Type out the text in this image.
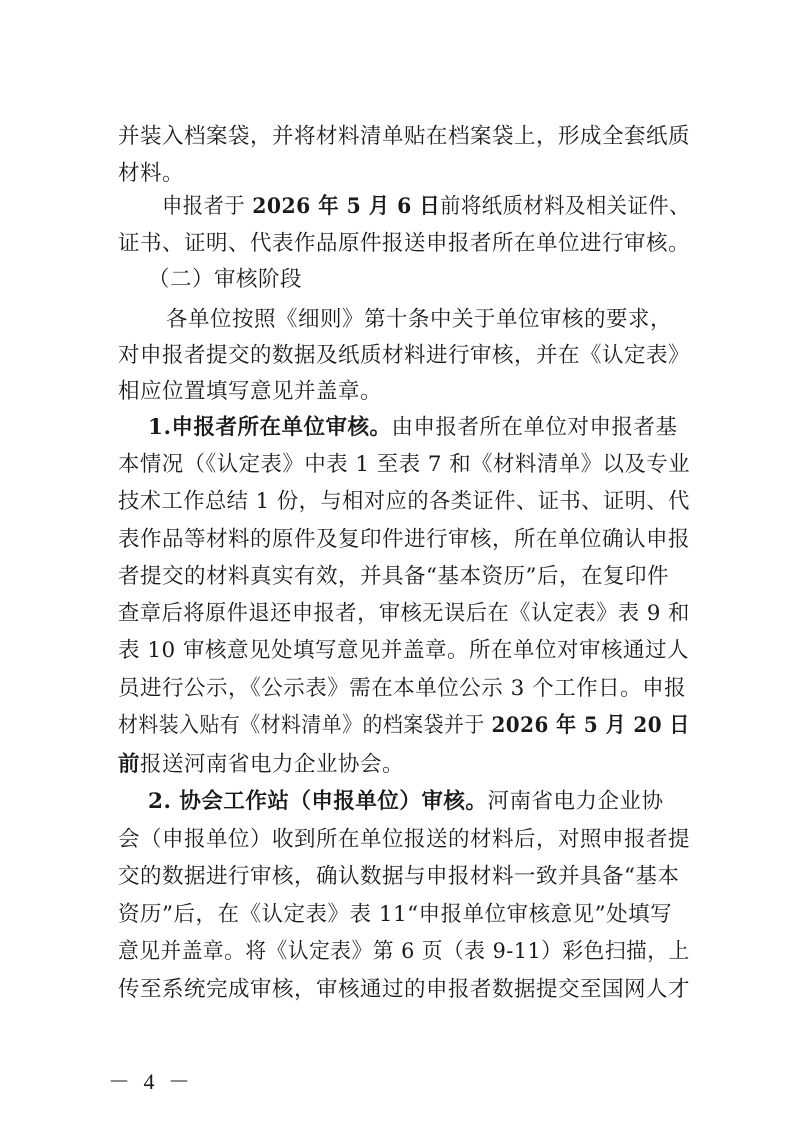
并装入档案袋，并将材料清单贴在档案袋上，形成全套纸质
材料。
申报者于 2026 年 5 月 6 日前将纸质材料及相关证件、
证书、证明、代表作品原件报送申报者所在单位进行审核。
（二）审核阶段
各单位按照《细则》第十条中关于单位审核的要求，
对申报者提交的数据及纸质材料进行审核，并在《认定表》
相应位置填写意见并盖章。
1.申报者所在单位审核。由申报者所在单位对申报者基
本情况（《认定表》中表 1 至表 7 和《材料清单》以及专业
技术工作总结 1 份，与相对应的各类证件、证书、证明、代
表作品等材料的原件及复印件进行审核，所在单位确认申报
者提交的材料真实有效，并具备“基本资历”后，在复印件
查章后将原件退还申报者，审核无误后在《认定表》表 9 和
表 10 审核意见处填写意见并盖章。所在单位对审核通过人
员进行公示，《公示表》需在本单位公示 3 个工作日。申报
材料装入贴有《材料清单》的档案袋并于 2026 年 5 月 20 日
前报送河南省电力企业协会。
2. 协会工作站（申报单位）审核。河南省电力企业协
会（申报单位）收到所在单位报送的材料后，对照申报者提
交的数据进行审核，确认数据与申报材料一致并具备“基本
资历”后，在《认定表》表 11“申报单位审核意见”处填写
意见并盖章。将《认定表》第 6 页（表 9-11）彩色扫描，上
传至系统完成审核，审核通过的申报者数据提交至国网人才
－ 4 －
